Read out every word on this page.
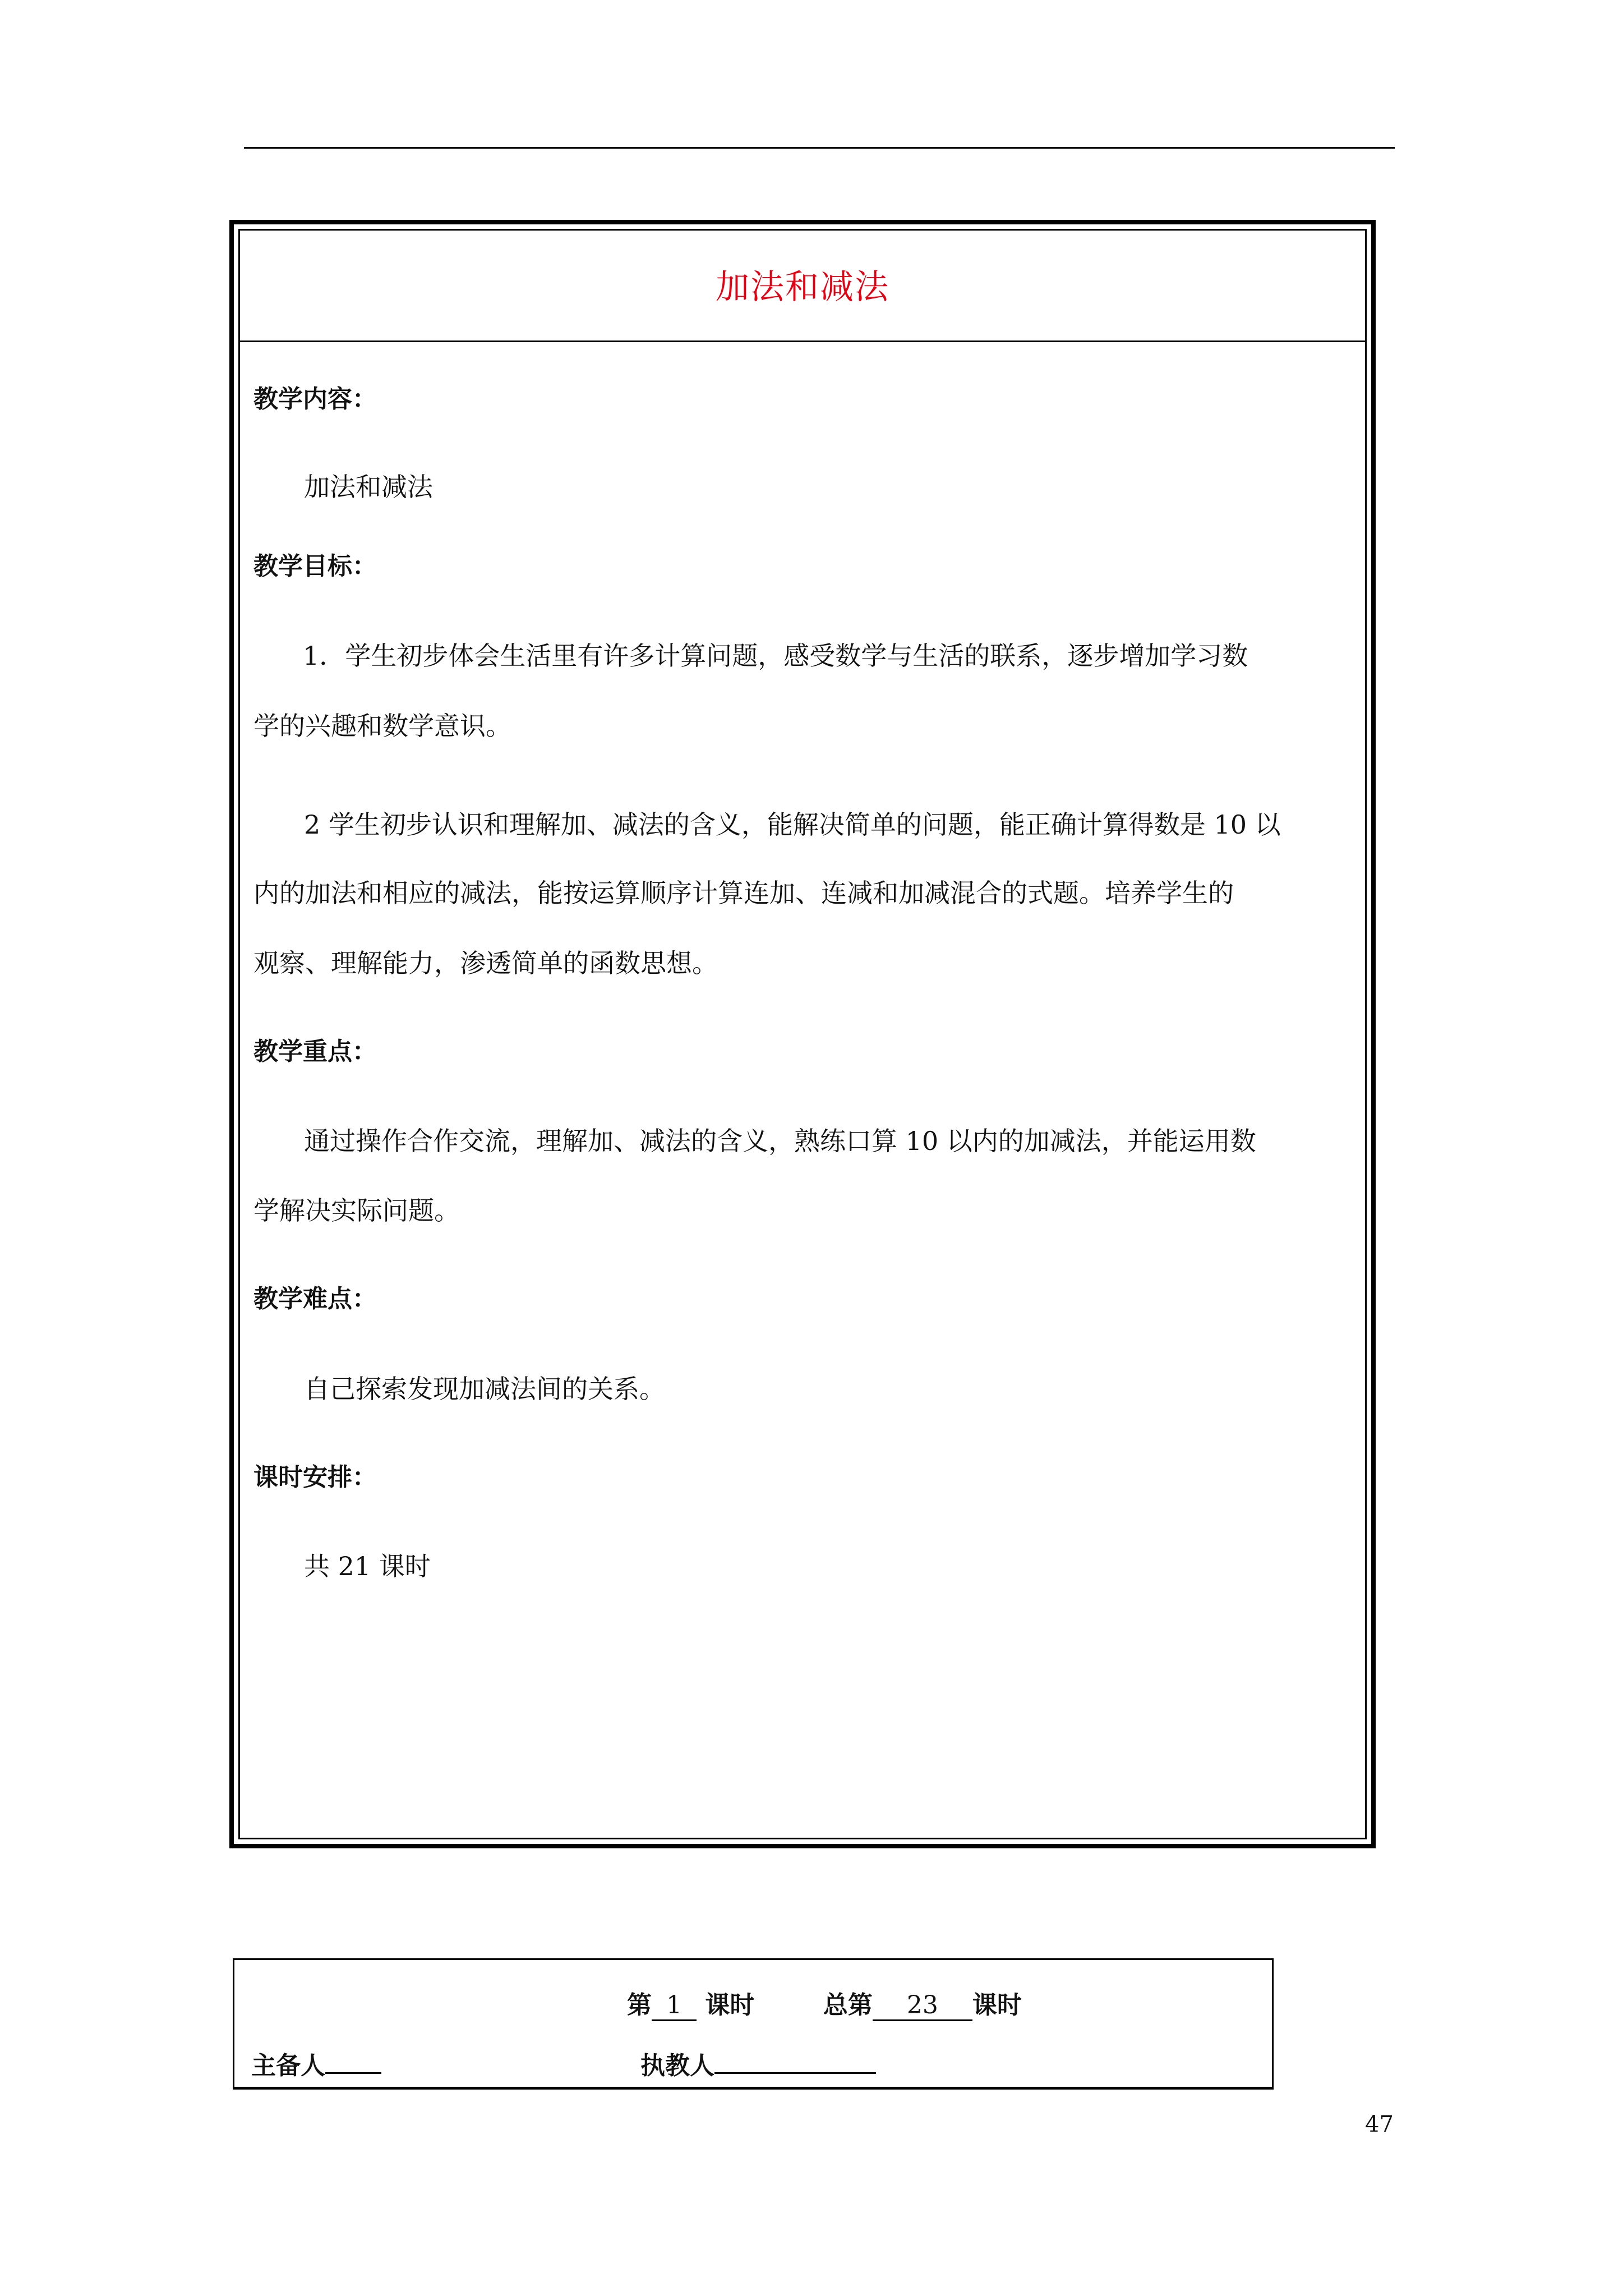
加法和减法
教学内容：
加法和减法
教学目标：
1．学生初步体会生活里有许多计算问题，感受数学与生活的联系，逐步增加学习数
学的兴趣和数学意识。
2 学生初步认识和理解加、减法的含义，能解决简单的问题，能正确计算得数是 10 以
内的加法和相应的减法，能按运算顺序计算连加、连减和加减混合的式题。培养学生的
观察、理解能力，渗透简单的函数思想。
教学重点：
通过操作合作交流，理解加、减法的含义，熟练口算 10 以内的加减法，并能运用数
学解决实际问题。
教学难点：
自己探索发现加减法间的关系。
课时安排：
共 21 课时
第 1 课时	总第 23 课时
主备人	执教人
47
